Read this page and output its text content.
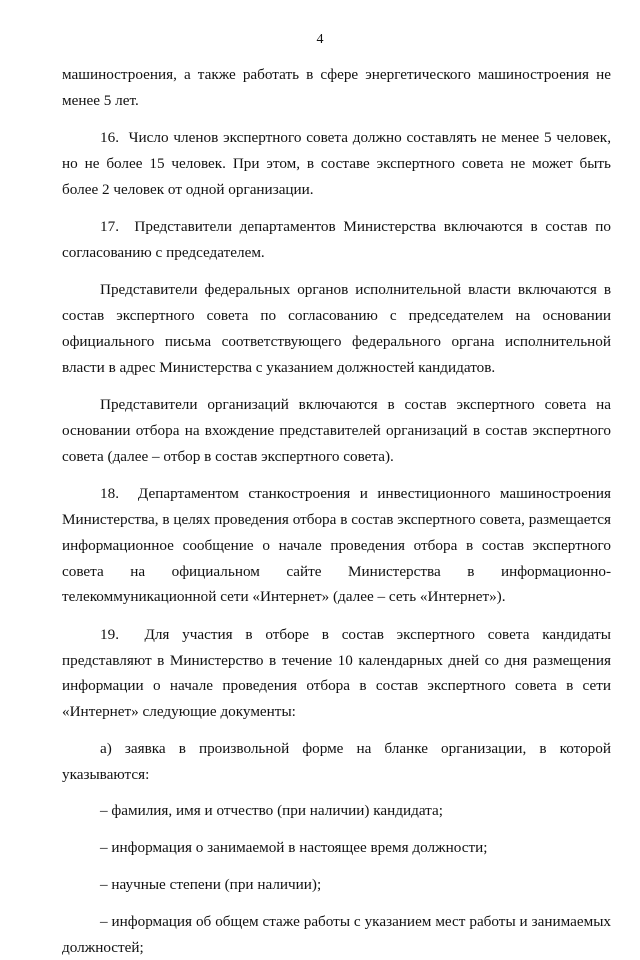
4

машиностроения, а также работать в сфере энергетического машиностроения не менее 5 лет.

16.  Число членов экспертного совета должно составлять не менее 5 человек, но не более 15 человек. При этом, в составе экспертного совета не может быть более 2 человек от одной организации.

17.  Представители департаментов Министерства включаются в состав по согласованию с председателем.

Представители федеральных органов исполнительной власти включаются в состав экспертного совета по согласованию с председателем на основании официального письма соответствующего федерального органа исполнительной власти в адрес Министерства с указанием должностей кандидатов.

Представители организаций включаются в состав экспертного совета на основании отбора на вхождение представителей организаций в состав экспертного совета (далее – отбор в состав экспертного совета).

18.  Департаментом станкостроения и инвестиционного машиностроения Министерства, в целях проведения отбора в состав экспертного совета, размещается информационное сообщение о начале проведения отбора в состав экспертного совета на официальном сайте Министерства в информационно-телекоммуникационной сети «Интернет» (далее – сеть «Интернет»).

19.  Для участия в отборе в состав экспертного совета кандидаты представляют в Министерство в течение 10 календарных дней со дня размещения информации о начале проведения отбора в состав экспертного совета в сети «Интернет» следующие документы:

а) заявка в произвольной форме на бланке организации, в которой указываются:

– фамилия, имя и отчество (при наличии) кандидата;

– информация о занимаемой в настоящее время должности;

– научные степени (при наличии);

– информация об общем стаже работы с указанием мест работы и занимаемых должностей;
